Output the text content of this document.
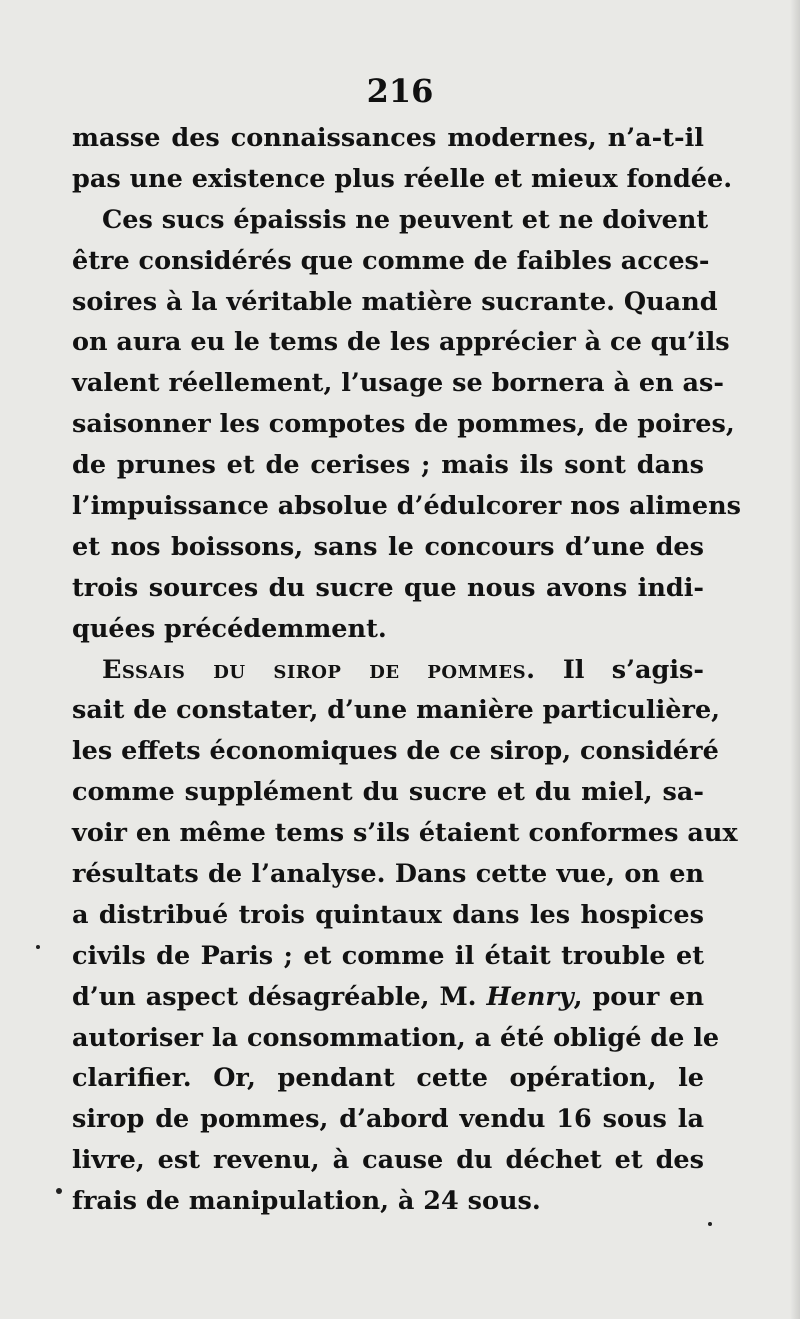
216
masse des connaissances modernes, n’a-t-il
pas une existence plus réelle et mieux fondée.
Ces sucs épaissis ne peuvent et ne doivent
être considérés que comme de faibles acces-
soires à la véritable matière sucrante. Quand
on aura eu le tems de les apprécier à ce qu’ils
valent réellement, l’usage se bornera à en as-
saisonner les compotes de pommes, de poires,
de prunes et de cerises ; mais ils sont dans
l’impuissance absolue d’édulcorer nos alimens
et nos boissons, sans le concours d’une des
trois sources du sucre que nous avons indi-
quées précédemment.
Essais du sirop de pommes. Il s’agis-
sait de constater, d’une manière particulière,
les effets économiques de ce sirop, considéré
comme supplément du sucre et du miel, sa-
voir en même tems s’ils étaient conformes aux
résultats de l’analyse. Dans cette vue, on en
a distribué trois quintaux dans les hospices
civils de Paris ; et comme il était trouble et
d’un aspect désagréable, M. Henry, pour en
autoriser la consommation, a été obligé de le
clarifier. Or, pendant cette opération, le
sirop de pommes, d’abord vendu 16 sous la
livre, est revenu, à cause du déchet et des
frais de manipulation, à 24 sous.
